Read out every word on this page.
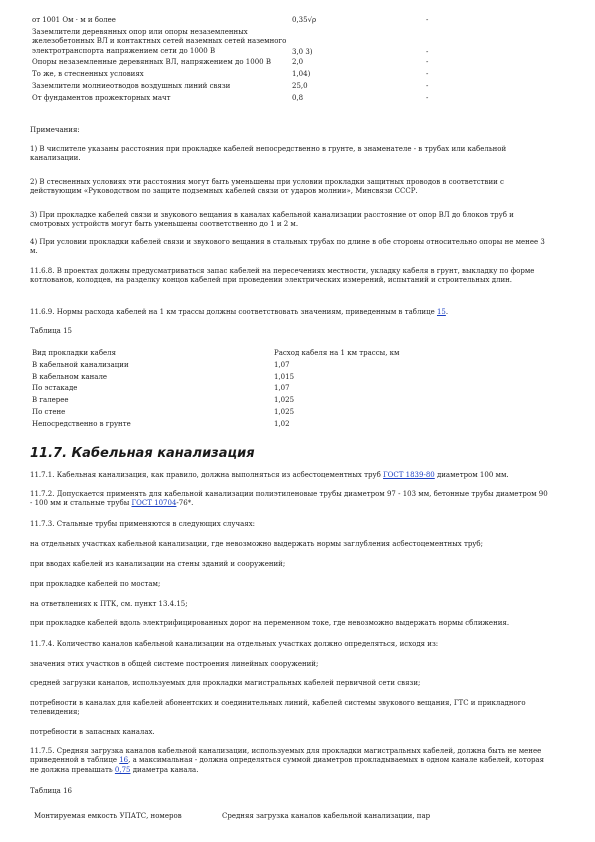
от 1001 Ом · м и более	0,35√ρ	-
Заземлители деревянных опор или опоры незаземленных железобетонных ВЛ и контактных сетей наземных сетей наземного электротранспорта напряжением сети до 1000 В	3,0 3)	-
Опоры незаземленные деревянных ВЛ, напряжением до 1000 В	2,0	-
То же, в стесненных условиях	1,04)	-
Заземлители молниеотводов воздушных линий связи	25,0	-
От фундаментов прожекторных мачт	0,8	-
Примечания:
1) В числителе указаны расстояния при прокладке кабелей непосредственно в грунте, в знаменателе - в трубах или кабельной канализации.
2) В стесненных условиях эти расстояния могут быть уменьшены при условии прокладки защитных проводов в соответствии с действующим «Руководством по защите подземных кабелей связи от ударов молнии», Минсвязи СССР.
3) При прокладке кабелей связи и звукового вещания в каналах кабельной канализации расстояние от опор ВЛ до блоков труб и смотровых устройств могут быть уменьшены соответственно до 1 и 2 м.
4) При условии прокладки кабелей связи и звукового вещания в стальных трубах по длине в обе стороны относительно опоры не менее 3 м.
11.6.8. В проектах должны предусматриваться запас кабелей на пересечениях местности, укладку кабеля в грунт, выкладку по форме котлованов, колодцев, на разделку концов кабелей при проведении электрических измерений, испытаний и строительных длин.
11.6.9. Нормы расхода кабелей на 1 км трассы должны соответствовать значениям, приведенным в таблице 15.
Таблица 15
Вид прокладки кабеля	Расход кабеля на 1 км трассы, км
В кабельной канализации	1,07
В кабельном канале	1,015
По эстакаде	1,07
В галерее	1,025
По стене	1,025
Непосредственно в грунте	1,02
11.7. Кабельная канализация
11.7.1. Кабельная канализация, как правило, должна выполняться из асбестоцементных труб ГОСТ 1839-80 диаметром 100 мм.
11.7.2. Допускается применять для кабельной канализации полиэтиленовые трубы диаметром 97 - 103 мм, бетонные трубы диаметром 90 - 100 мм и стальные трубы ГОСТ 10704-76*.
11.7.3. Стальные трубы применяются в следующих случаях:
на отдельных участках кабельной канализации, где невозможно выдержать нормы заглубления асбестоцементных труб;
при вводах кабелей из канализации на стены зданий и сооружений;
при прокладке кабелей по мостам;
на ответвлениях к ПТК, см. пункт 13.4.15;
при прокладке кабелей вдоль электрифицированных дорог на переменном токе, где невозможно выдержать нормы сближения.
11.7.4. Количество каналов кабельной канализации на отдельных участках должно определяться, исходя из:
значения этих участков в общей системе построения линейных сооружений;
средней загрузки каналов, используемых для прокладки магистральных кабелей первичной сети связи;
потребности в каналах для кабелей абонентских и соединительных линий, кабелей системы звукового вещания, ГТС и прикладного телевидения;
потребности в запасных каналах.
11.7.5. Средняя загрузка каналов кабельной канализации, используемых для прокладки магистральных кабелей, должна быть не менее приведенной в таблице 16, а максимальная - должна определяться суммой диаметров прокладываемых в одном канале кабелей, которая не должна превышать 0,75 диаметра канала.
Таблица 16
Монтируемая емкость УПАТС, номеров	Средняя загрузка каналов кабельной канализации, пар
